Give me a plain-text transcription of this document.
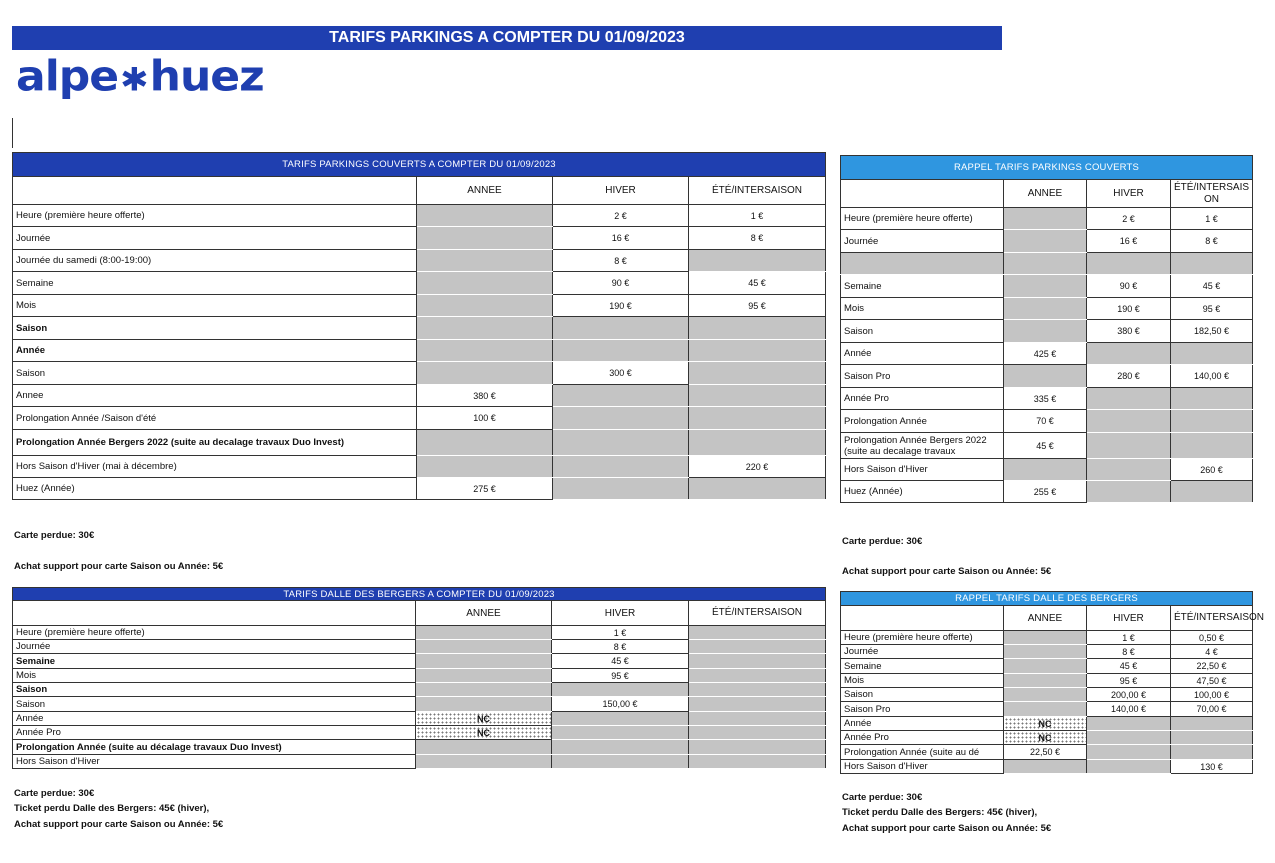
TARIFS PARKINGS A COMPTER DU 01/09/2023
alpe✱huez
TARIFS PARKINGS COUVERTS A COMPTER DU 01/09/2023			
	ANNEE	HIVER	ÉTÉ/INTERSAISON
Heure (première heure offerte)		2 €	1 €
Journée		16 €	8 €
Journée du samedi (8:00-19:00)		8 €	
Semaine		90 €	45 €
Mois		190 €	95 €
Saison			
Année			
Saison		300 €	
Annee	380 €		
Prolongation Année /Saison d'été	100 €		
Prolongation Année Bergers 2022 (suite au decalage travaux Duo Invest)			
Hors Saison d'Hiver (mai à décembre)			220 €
Huez (Année)	275 €		
RAPPEL TARIFS PARKINGS COUVERTS			
	ANNEE	HIVER	ÉTÉ/INTERSAIS ON
Heure (première heure offerte)		2 €	1 €
Journée		16 €	8 €

Semaine		90 €	45 €
Mois		190 €	95 €
Saison		380 €	182,50 €
Année	425 €		
Saison Pro		280 €	140,00 €
Année Pro	335 €		
Prolongation Année	70 €		
Prolongation Année Bergers 2022 (suite au decalage travaux	45 €		
Hors Saison d'Hiver			260 €
Huez (Année)	255 €		
Carte perdue: 30€
Achat support pour carte Saison ou Année: 5€
Carte perdue: 30€
Achat support pour carte Saison ou Année: 5€
TARIFS DALLE DES BERGERS A COMPTER DU 01/09/2023			
	ANNEE	HIVER	ÉTÉ/INTERSAISON
Heure (première heure offerte)		1 €	
Journée		8 €	
Semaine		45 €	
Mois		95 €	
Saison			
Saison		150,00 €	
Année	NC		
Année Pro	NC		
Prolongation Année (suite au décalage travaux Duo Invest)			
Hors Saison d'Hiver			
RAPPEL TARIFS DALLE DES BERGERS			
	ANNEE	HIVER	ÉTÉ/INTERSAISON
Heure (première heure offerte)		1 €	0,50 €
Journée		8 €	4 €
Semaine		45 €	22,50 €
Mois		95 €	47,50 €
Saison		200,00 €	100,00 €
Saison Pro		140,00 €	70,00 €
Année	NC		
Année Pro	NC		
Prolongation Année (suite au dé	22,50 €		
Hors Saison d'Hiver			130 €
Carte perdue: 30€
Ticket perdu Dalle des Bergers: 45€ (hiver),
Achat support pour carte Saison ou Année: 5€
Carte perdue: 30€
Ticket perdu Dalle des Bergers: 45€ (hiver),
Achat support pour carte Saison ou Année: 5€
